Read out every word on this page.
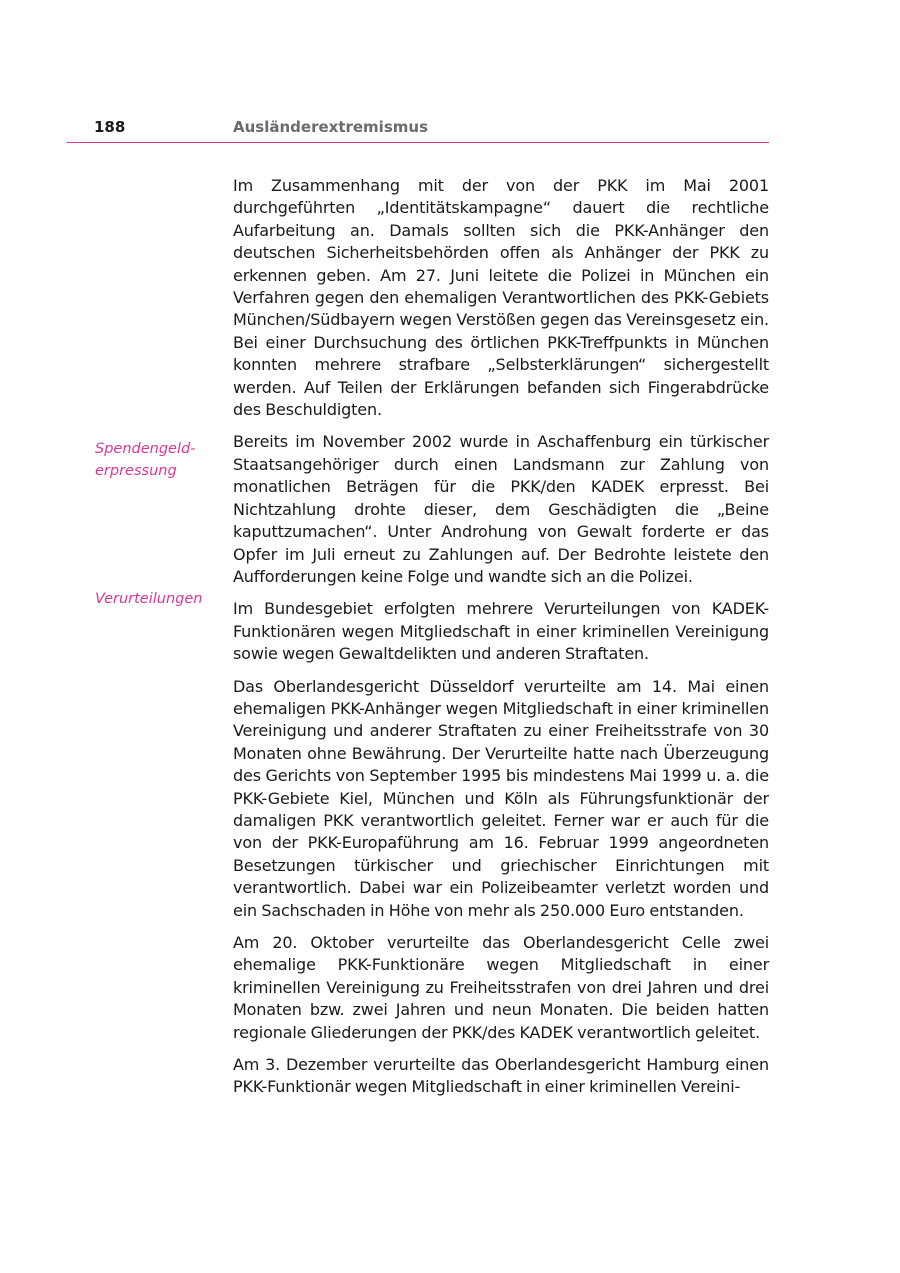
188	Ausländerextremismus
Spendengeld-
erpressung
Verurteilungen

Im Zusammenhang mit der von der PKK im Mai 2001 durchgeführten „Identitätskampagne“ dauert die rechtliche Aufarbeitung an. Damals sollten sich die PKK-Anhänger den deutschen Sicherheitsbehörden offen als Anhänger der PKK zu erkennen geben. Am 27. Juni leitete die Polizei in München ein Verfahren gegen den ehemaligen Verantwortlichen des PKK-Gebiets München/Südbayern wegen Verstößen gegen das Vereinsgesetz ein. Bei einer Durchsuchung des örtlichen PKK-Treffpunkts in München konnten mehrere strafbare „Selbsterklärungen“ sichergestellt werden. Auf Teilen der Erklärungen befanden sich Fingerabdrücke des Beschuldigten.

Bereits im November 2002 wurde in Aschaffenburg ein türkischer Staatsangehöriger durch einen Landsmann zur Zahlung von monatlichen Beträgen für die PKK/den KADEK erpresst. Bei Nichtzahlung drohte dieser, dem Geschädigten die „Beine kaputtzumachen“. Unter Androhung von Gewalt forderte er das Opfer im Juli erneut zu Zahlungen auf. Der Bedrohte leistete den Aufforderungen keine Folge und wandte sich an die Polizei.

Im Bundesgebiet erfolgten mehrere Verurteilungen von KADEK-Funktionären wegen Mitgliedschaft in einer kriminellen Vereinigung sowie wegen Gewaltdelikten und anderen Straftaten.

Das Oberlandesgericht Düsseldorf verurteilte am 14. Mai einen ehemaligen PKK-Anhänger wegen Mitgliedschaft in einer kriminellen Vereinigung und anderer Straftaten zu einer Freiheitsstrafe von 30 Monaten ohne Bewährung. Der Verurteilte hatte nach Überzeugung des Gerichts von September 1995 bis mindestens Mai 1999 u. a. die PKK-Gebiete Kiel, München und Köln als Führungsfunktionär der damaligen PKK verantwortlich geleitet. Ferner war er auch für die von der PKK-Europaführung am 16. Februar 1999 angeordneten Besetzungen türkischer und griechischer Einrichtungen mit verantwortlich. Dabei war ein Polizeibeamter verletzt worden und ein Sachschaden in Höhe von mehr als 250.000 Euro entstanden.

Am 20. Oktober verurteilte das Oberlandesgericht Celle zwei ehemalige PKK-Funktionäre wegen Mitgliedschaft in einer kriminellen Vereinigung zu Freiheitsstrafen von drei Jahren und drei Monaten bzw. zwei Jahren und neun Monaten. Die beiden hatten regionale Gliederungen der PKK/des KADEK verantwortlich geleitet.

Am 3. Dezember verurteilte das Oberlandesgericht Hamburg einen PKK-Funktionär wegen Mitgliedschaft in einer kriminellen Vereini-
